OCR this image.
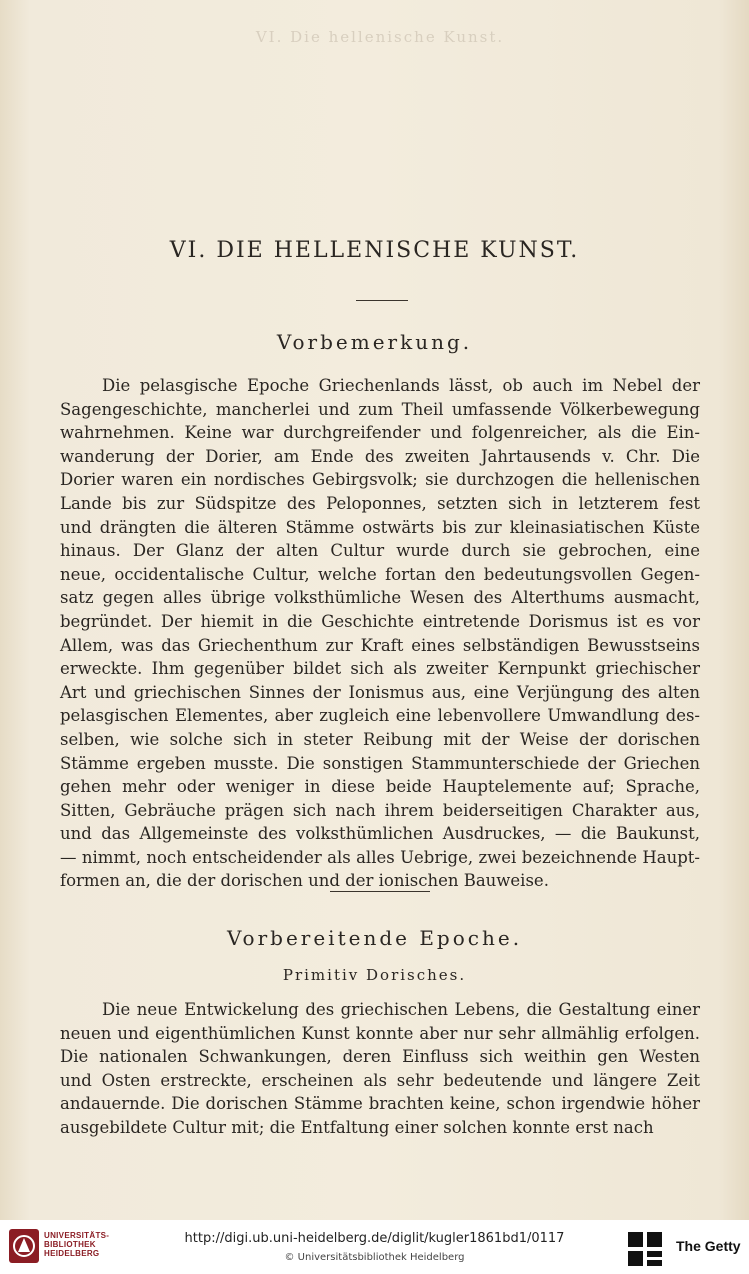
VI. Die hellenische Kunst.
VI. DIE HELLENISCHE KUNST.
Vorbemerkung.
Die pelasgische Epoche Griechenlands lässt, ob auch im Nebel der
Sagengeschichte, mancherlei und zum Theil umfassende Völkerbewegung
wahrnehmen. Keine war durchgreifender und folgenreicher, als die Ein-
wanderung der Dorier, am Ende des zweiten Jahrtausends v. Chr. Die
Dorier waren ein nordisches Gebirgsvolk; sie durchzogen die hellenischen
Lande bis zur Südspitze des Peloponnes, setzten sich in letzterem fest
und drängten die älteren Stämme ostwärts bis zur kleinasiatischen Küste
hinaus. Der Glanz der alten Cultur wurde durch sie gebrochen, eine
neue, occidentalische Cultur, welche fortan den bedeutungsvollen Gegen-
satz gegen alles übrige volksthümliche Wesen des Alterthums ausmacht,
begründet. Der hiemit in die Geschichte eintretende Dorismus ist es vor
Allem, was das Griechenthum zur Kraft eines selbständigen Bewusstseins
erweckte. Ihm gegenüber bildet sich als zweiter Kernpunkt griechischer
Art und griechischen Sinnes der Ionismus aus, eine Verjüngung des alten
pelasgischen Elementes, aber zugleich eine lebenvollere Umwandlung des-
selben, wie solche sich in steter Reibung mit der Weise der dorischen
Stämme ergeben musste. Die sonstigen Stammunterschiede der Griechen
gehen mehr oder weniger in diese beide Hauptelemente auf; Sprache,
Sitten, Gebräuche prägen sich nach ihrem beiderseitigen Charakter aus,
und das Allgemeinste des volksthümlichen Ausdruckes, — die Baukunst,
— nimmt, noch entscheidender als alles Uebrige, zwei bezeichnende Haupt-
formen an, die der dorischen und der ionischen Bauweise.
Vorbereitende Epoche.
Primitiv Dorisches.
Die neue Entwickelung des griechischen Lebens, die Gestaltung einer
neuen und eigenthümlichen Kunst konnte aber nur sehr allmählig erfolgen.
Die nationalen Schwankungen, deren Einfluss sich weithin gen Westen
und Osten erstreckte, erscheinen als sehr bedeutende und längere Zeit
andauernde. Die dorischen Stämme brachten keine, schon irgendwie höher
ausgebildete Cultur mit; die Entfaltung einer solchen konnte erst nach
UNIVERSITÄTS-
BIBLIOTHEK
HEIDELBERG
http://digi.ub.uni-heidelberg.de/diglit/kugler1861bd1/0117
© Universitätsbibliothek Heidelberg
The Getty
